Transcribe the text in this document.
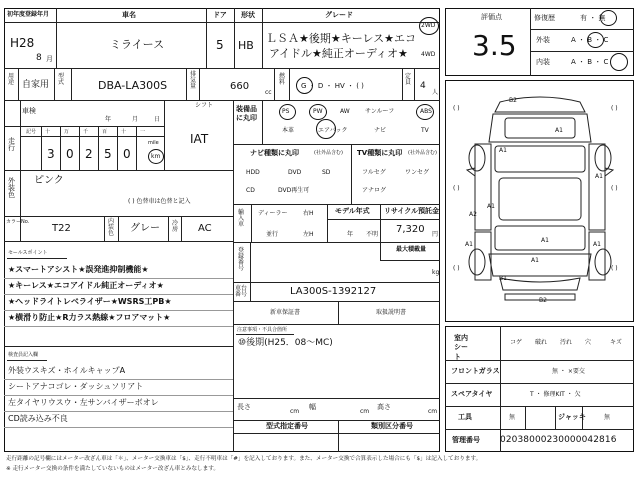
初年度登録年月
H28
8 月
車名
ミライース
ドア
5
形状
HB
グレード
ＬＳＡ★後期★キーレス★エコ
アイドル★純正オーディオ★
2WD
4WD
評価点
3.5
修復歴	有 ・ 無
外装	A ・ B ・ C
内装	A ・ B ・ C
用途 自家用
型式	DBA-LA300S
排気量	660
cc
燃料 G ・ D ・ HV ・ ( )
定員 4
人
車検
年	月	日
シフト
IAT
走行
km
mile
外装色
ピンク
( ) 色替車は色替と記入
カラーNo.
T22
内装色 グレー 冷房 AC
セールスポイント
検査員記入欄
装備品に丸印
ナビ種類に丸印	(社外品含む) TV種類に丸印 (社外品含む)
輸入車
ディーラー
並行
右H
左H
モデル年式
年 不明
リサイクル預託金
7,320 円
登録番号
最大積載量
kg
車台番号	LA300S-1392127
新車保証書	取扱説明書
注意事項・不具合箇所
⑩後期(H25．08～MC)
長さ
cm
幅
cm
高さ
cm
型式指定番号	類別区分番号
B2
A1
A1
A1
A1
A2
A1
A1	A1
A1
B1
B2
( )	( )
( )	( )
( )	( )
室内シート
フロントガラス	無 ・ ×要交
スペアタイヤ	T ・ 修理KIT ・ 欠
工具	無	ジャッキ	無
管理番号 02038000230000042816
走行距離の記号欄にはメーター改ざん車は「＊」、メーター交換車は「$」、走行不明車は「#」を記入しております。また、メーター交換で合算表示した場合にも「$」は記入しております。
※ 走行メーター交換の条件を満たしていないものはメーター改ざん車とみなします。
記号 十	万	千	百	十	一
3 0 2 5 0
★スマートアシスト★誤発進抑制機能★
★キーレス★エコアイドル純正オーディオ★
★ヘッドライトレベライザー★WSRS工PB★
★横滑り防止★R力ラス熱線★フロアマット★
外装ウスキズ・ホイルキャップA
シートアナコゴレ・ダッシュソリアト
左タイヤリウスウ・左サンバイザーボオレ
CD読み込み不良
PS	PW	AW	サンルーフ	ABS
本革	エアバック	ナビ	TV
HDD	DVD	SD
CD	DVD再生可
フルセグ	ワンセグ
アナログ
コゲ 破れ 汚れ 穴	キズ
